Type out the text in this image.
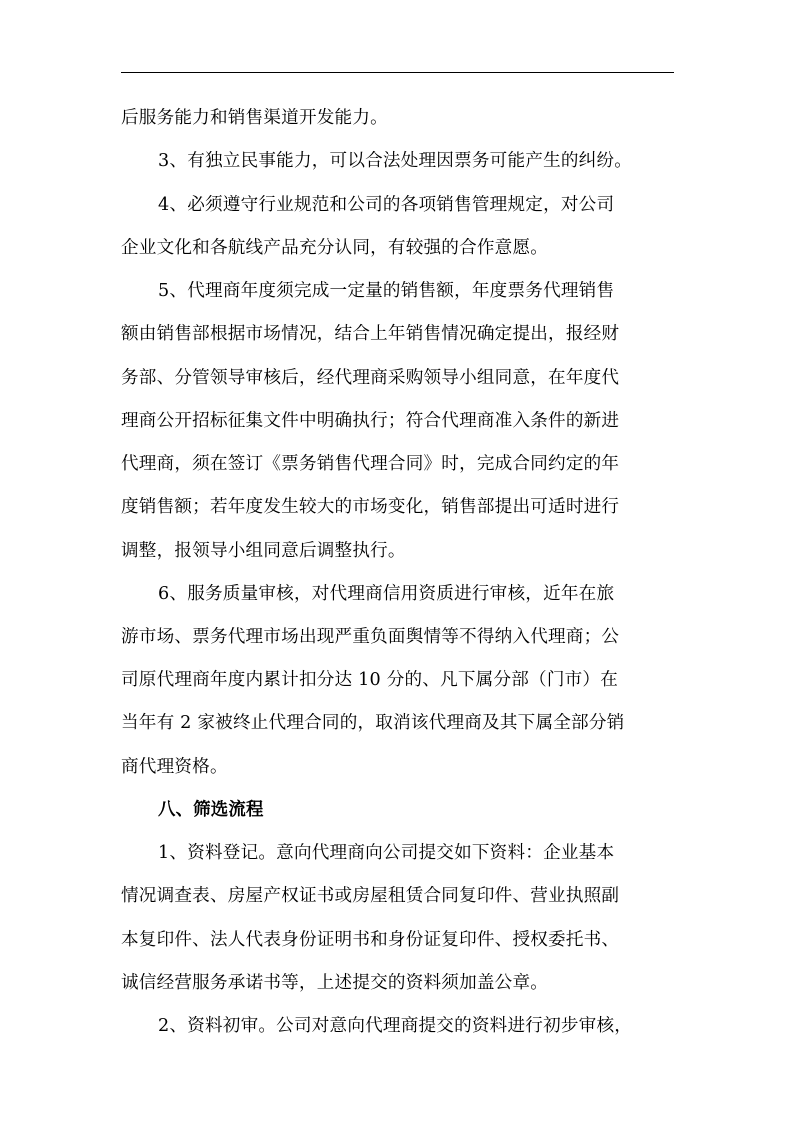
后服务能力和销售渠道开发能力。
3、有独立民事能力，可以合法处理因票务可能产生的纠纷。
4、必须遵守行业规范和公司的各项销售管理规定，对公司
企业文化和各航线产品充分认同，有较强的合作意愿。
5、代理商年度须完成一定量的销售额，年度票务代理销售
额由销售部根据市场情况，结合上年销售情况确定提出，报经财
务部、分管领导审核后，经代理商采购领导小组同意，在年度代
理商公开招标征集文件中明确执行；符合代理商准入条件的新进
代理商，须在签订《票务销售代理合同》时，完成合同约定的年
度销售额；若年度发生较大的市场变化，销售部提出可适时进行
调整，报领导小组同意后调整执行。
6、服务质量审核，对代理商信用资质进行审核，近年在旅
游市场、票务代理市场出现严重负面舆情等不得纳入代理商；公
司原代理商年度内累计扣分达 10 分的、凡下属分部（门市）在
当年有 2 家被终止代理合同的，取消该代理商及其下属全部分销
商代理资格。
八、筛选流程
1、资料登记。意向代理商向公司提交如下资料：企业基本
情况调查表、房屋产权证书或房屋租赁合同复印件、营业执照副
本复印件、法人代表身份证明书和身份证复印件、授权委托书、
诚信经营服务承诺书等，上述提交的资料须加盖公章。
2、资料初审。公司对意向代理商提交的资料进行初步审核，
